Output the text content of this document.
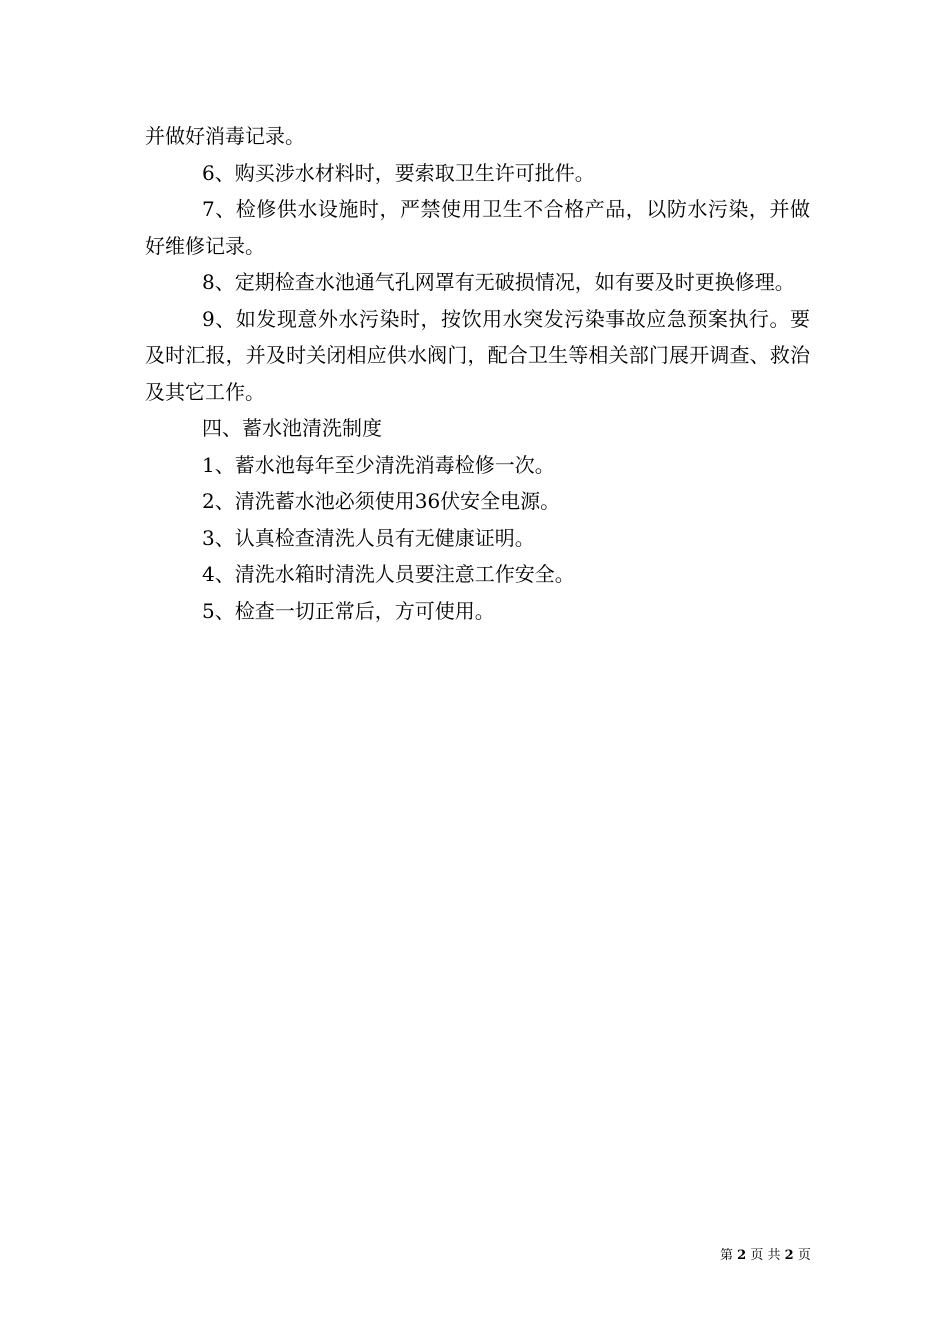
并做好消毒记录。

6、购买涉水材料时，要索取卫生许可批件。

7、检修供水设施时，严禁使用卫生不合格产品，以防水污染，并做好维修记录。

8、定期检查水池通气孔网罩有无破损情况，如有要及时更换修理。

9、如发现意外水污染时，按饮用水突发污染事故应急预案执行。要及时汇报，并及时关闭相应供水阀门，配合卫生等相关部门展开调查、救治及其它工作。

四、蓄水池清洗制度

1、蓄水池每年至少清洗消毒检修一次。

2、清洗蓄水池必须使用36伏安全电源。

3、认真检查清洗人员有无健康证明。

4、清洗水箱时清洗人员要注意工作安全。

5、检查一切正常后，方可使用。

第 2 页 共 2 页
